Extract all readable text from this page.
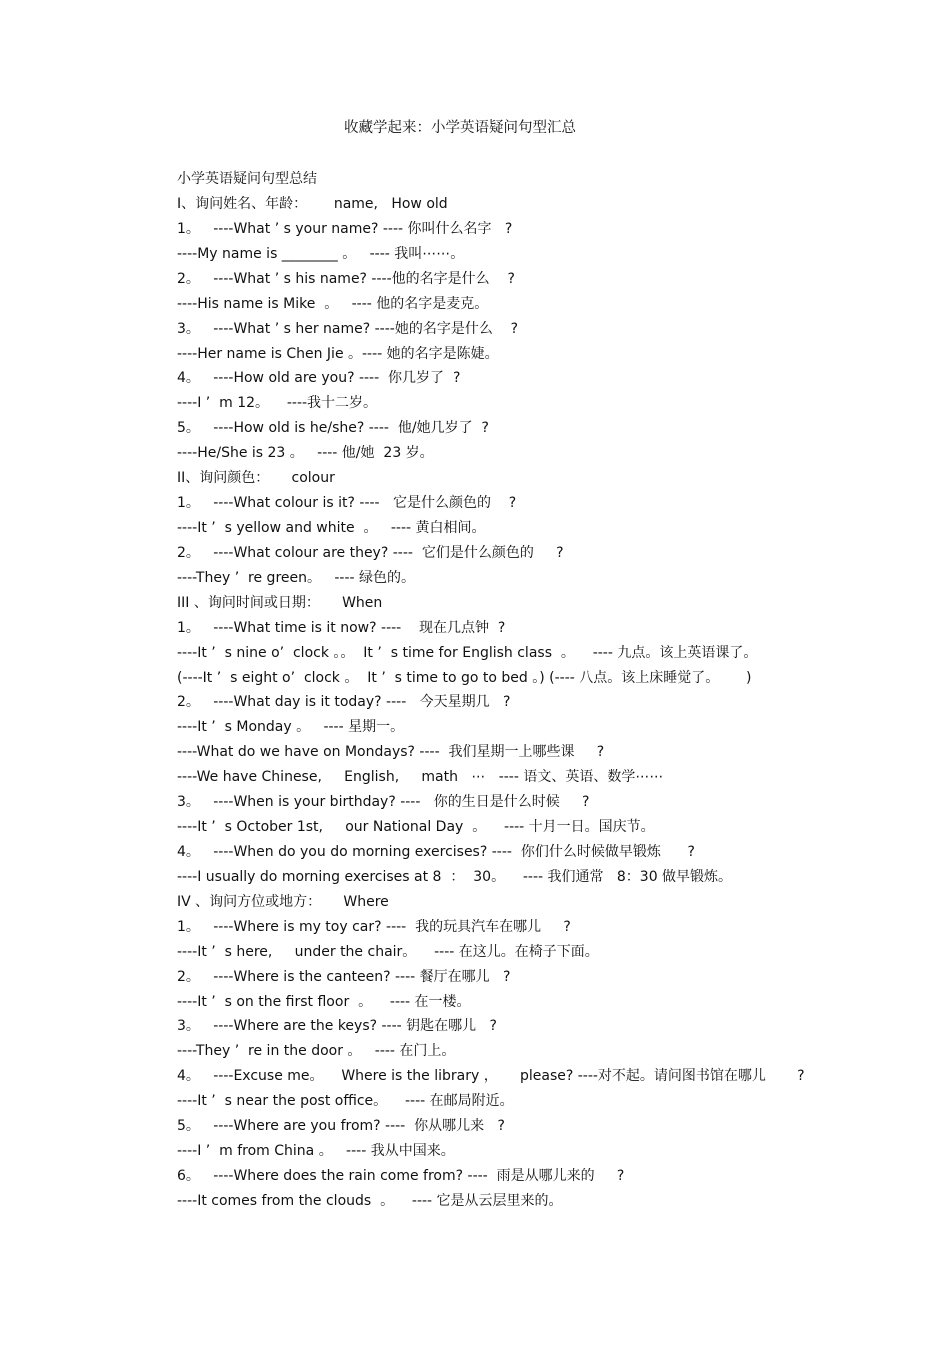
收藏学起来：小学英语疑问句型汇总
小学英语疑问句型总结
I、询问姓名、年龄：      name,   How old
1。   ----What ’ s your name? ---- 你叫什么名字   ?
----My name is ________ 。   ---- 我叫⋯⋯。
2。   ----What ’ s his name? ----他的名字是什么    ?
----His name is Mike  。   ---- 他的名字是麦克。
3。   ----What ’ s her name? ----她的名字是什么    ?
----Her name is Chen Jie 。---- 她的名字是陈婕。
4。   ----How old are you? ----  你几岁了  ?
----I ’  m 12。    ----我十二岁。
5。   ----How old is he/she? ----  他/她几岁了  ?
----He/She is 23 。   ---- 他/她  23 岁。
II、询问颜色：     colour
1。   ----What colour is it? ----   它是什么颜色的    ?
----It ’  s yellow and white  。   ---- 黄白相间。
2。   ----What colour are they? ----  它们是什么颜色的     ?
----They ’  re green。   ---- 绿色的。
III 、询问时间或日期：     When
1。   ----What time is it now? ----    现在几点钟  ?
----It ’  s nine o’  clock 。。  It ’  s time for English class  。    ---- 九点。该上英语课了。
(----It ’  s eight o’  clock 。  It ’  s time to go to bed 。) (---- 八点。该上床睡觉了。      )
2。   ----What day is it today? ----   今天星期几   ?
----It ’  s Monday 。   ---- 星期一。
----What do we have on Mondays? ----  我们星期一上哪些课     ?
----We have Chinese,     English,     math   ⋯   ---- 语文、英语、数学⋯⋯
3。   ----When is your birthday? ----   你的生日是什么时候     ?
----It ’  s October 1st,     our National Day  。    ---- 十月一日。国庆节。
4。   ----When do you do morning exercises? ----  你们什么时候做早锻炼      ?
----I usually do morning exercises at 8  ：  30。    ---- 我们通常   8：30 做早锻炼。
IV 、询问方位或地方：     Where
1。   ----Where is my toy car? ----  我的玩具汽车在哪儿     ?
----It ’  s here,     under the chair。    ---- 在这儿。在椅子下面。
2。   ----Where is the canteen? ---- 餐厅在哪儿   ?
----It ’  s on the first floor  。    ---- 在一楼。
3。   ----Where are the keys? ---- 钥匙在哪儿   ?
----They ’  re in the door 。   ---- 在门上。
4。   ----Excuse me。    Where is the library ，     please? ----对不起。请问图书馆在哪儿       ?
----It ’  s near the post office。    ---- 在邮局附近。
5。   ----Where are you from? ----  你从哪儿来   ?
----I ’  m from China 。   ---- 我从中国来。
6。   ----Where does the rain come from? ----  雨是从哪儿来的     ?
----It comes from the clouds  。    ---- 它是从云层里来的。
